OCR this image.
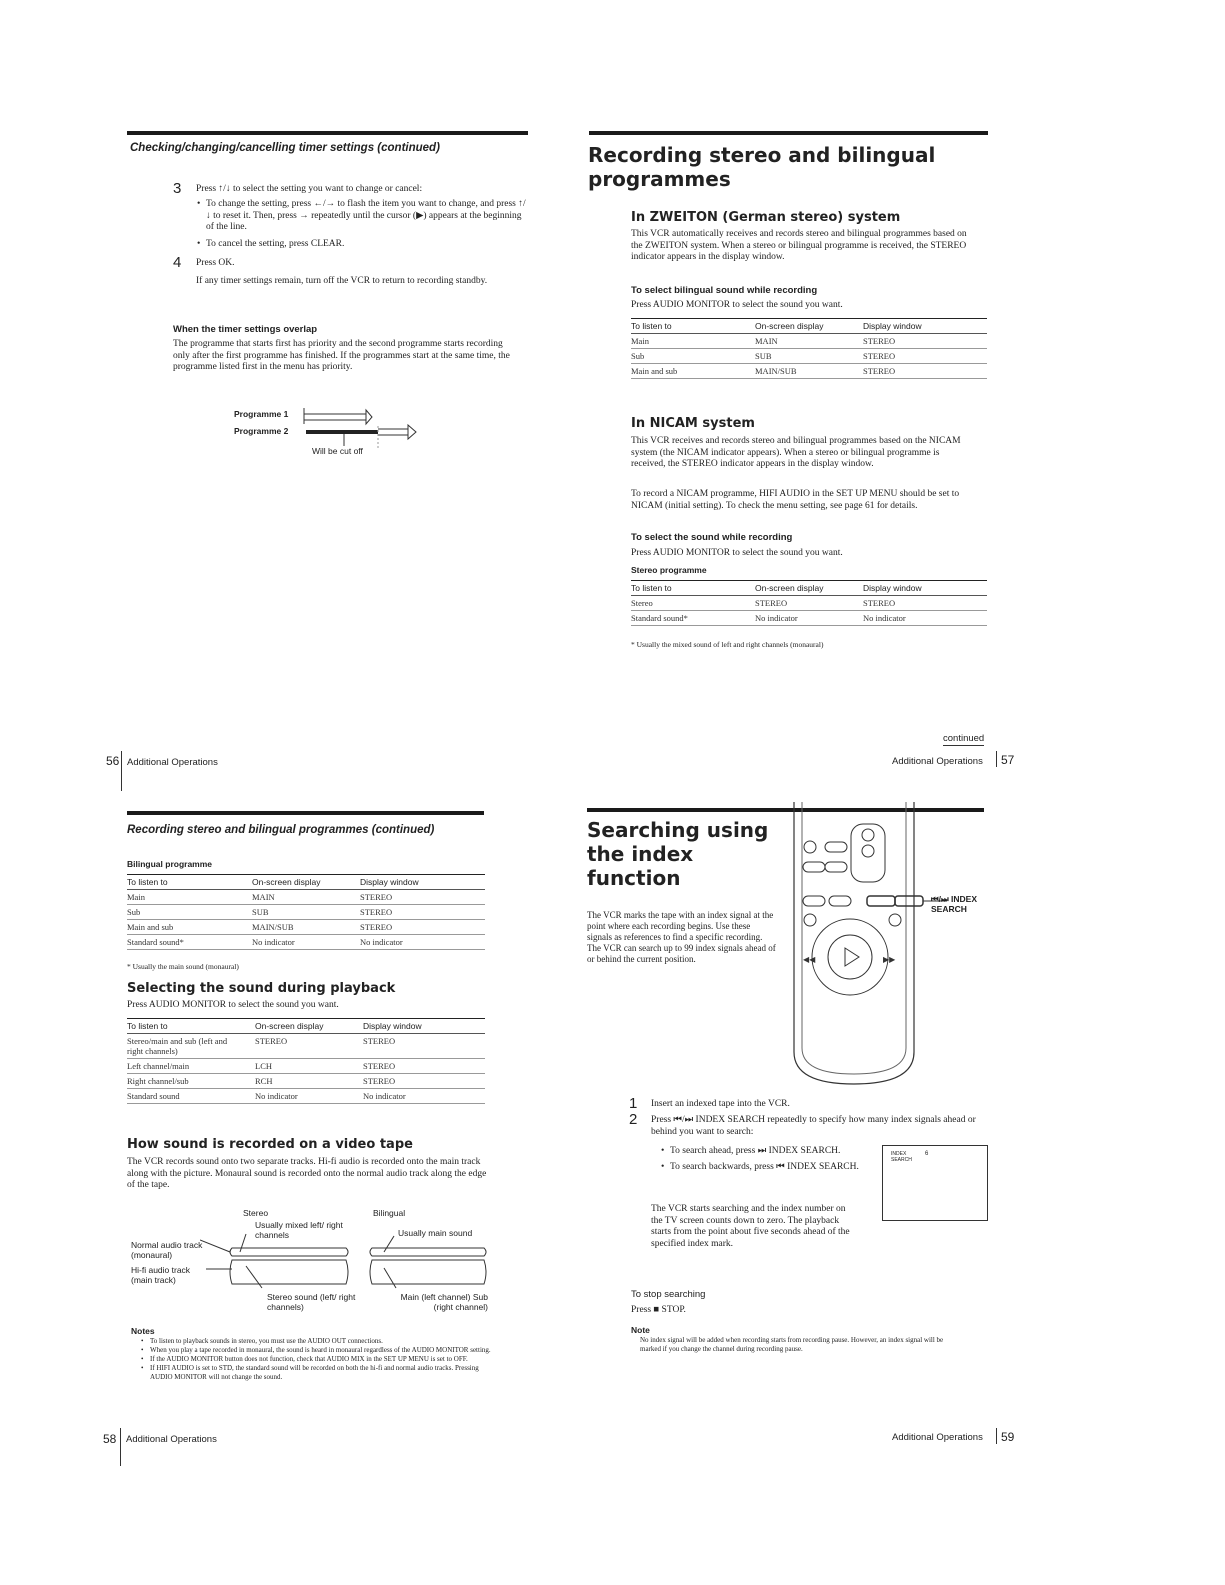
Checking/changing/cancelling timer settings (continued)
3 Press ↑/↓ to select the setting you want to change or cancel:
• To change the setting, press ←/→ to flash the item you want to change, and press ↑/↓ to reset it. Then, press → repeatedly until the cursor (▶) appears at the beginning of the line.
• To cancel the setting, press CLEAR.
4 Press OK.
If any timer settings remain, turn off the VCR to return to recording standby.
When the timer settings overlap
The programme that starts first has priority and the second programme starts recording only after the first programme has finished. If the programmes start at the same time, the programme listed first in the menu has priority.
Programme 1
Programme 2
Will be cut off
56 Additional Operations
Recording stereo and bilingual programmes
In ZWEITON (German stereo) system
This VCR automatically receives and records stereo and bilingual programmes based on the ZWEITON system. When a stereo or bilingual programme is received, the STEREO indicator appears in the display window.
To select bilingual sound while recording
Press AUDIO MONITOR to select the sound you want.
To listen to	On-screen display	Display window
Main	MAIN	STEREO
Sub	SUB	STEREO
Main and sub	MAIN/SUB	STEREO
In NICAM system
This VCR receives and records stereo and bilingual programmes based on the NICAM system (the NICAM indicator appears). When a stereo or bilingual programme is received, the STEREO indicator appears in the display window.
To record a NICAM programme, HIFI AUDIO in the SET UP MENU should be set to NICAM (initial setting). To check the menu setting, see page 61 for details.
To select the sound while recording
Press AUDIO MONITOR to select the sound you want.
Stereo programme
To listen to	On-screen display	Display window
Stereo	STEREO	STEREO
Standard sound*	No indicator	No indicator
* Usually the mixed sound of left and right channels (monaural)
continued
Additional Operations 57
Recording stereo and bilingual programmes (continued)
Bilingual programme
To listen to	On-screen display	Display window
Main	MAIN	STEREO
Sub	SUB	STEREO
Main and sub	MAIN/SUB	STEREO
Standard sound*	No indicator	No indicator
* Usually the main sound (monaural)
Selecting the sound during playback
Press AUDIO MONITOR to select the sound you want.
To listen to	On-screen display	Display window
Stereo/main and sub (left and right channels)	STEREO	STEREO
Left channel/main	LCH	STEREO
Right channel/sub	RCH	STEREO
Standard sound	No indicator	No indicator
How sound is recorded on a video tape
The VCR records sound onto two separate tracks. Hi-fi audio is recorded onto the main track along with the picture. Monaural sound is recorded onto the normal audio track along the edge of the tape.
Stereo	Bilingual
Usually mixed left/ right channels	Usually main sound
Normal audio track (monaural)
Hi-fi audio track (main track)
Stereo sound (left/ right channels)
Main (left channel) Sub (right channel)
Notes
• To listen to playback sounds in stereo, you must use the AUDIO OUT connections.
• When you play a tape recorded in monaural, the sound is heard in monaural regardless of the AUDIO MONITOR setting.
• If the AUDIO MONITOR button does not function, check that AUDIO MIX in the SET UP MENU is set to OFF.
• If HIFI AUDIO is set to STD, the standard sound will be recorded on both the hi-fi and normal audio tracks. Pressing AUDIO MONITOR will not change the sound.
58 Additional Operations
Searching using the index function
The VCR marks the tape with an index signal at the point where each recording begins. Use these signals as references to find a specific recording. The VCR can search up to 99 index signals ahead of or behind the current position.	◀◀	▶▶
⏮/⏭ INDEX SEARCH
1 Insert an indexed tape into the VCR.
2 Press ⏮/⏭ INDEX SEARCH repeatedly to specify how many index signals ahead or behind you want to search:
• To search ahead, press ⏭ INDEX SEARCH.
• To search backwards, press ⏮ INDEX SEARCH.
The VCR starts searching and the index number on the TV screen counts down to zero. The playback starts from the point about five seconds ahead of the specified index mark.
INDEX SEARCH
6
To stop searching
Press ■ STOP.
Note
No index signal will be added when recording starts from recording pause. However, an index signal will be marked if you change the channel during recording pause.
Additional Operations 59
